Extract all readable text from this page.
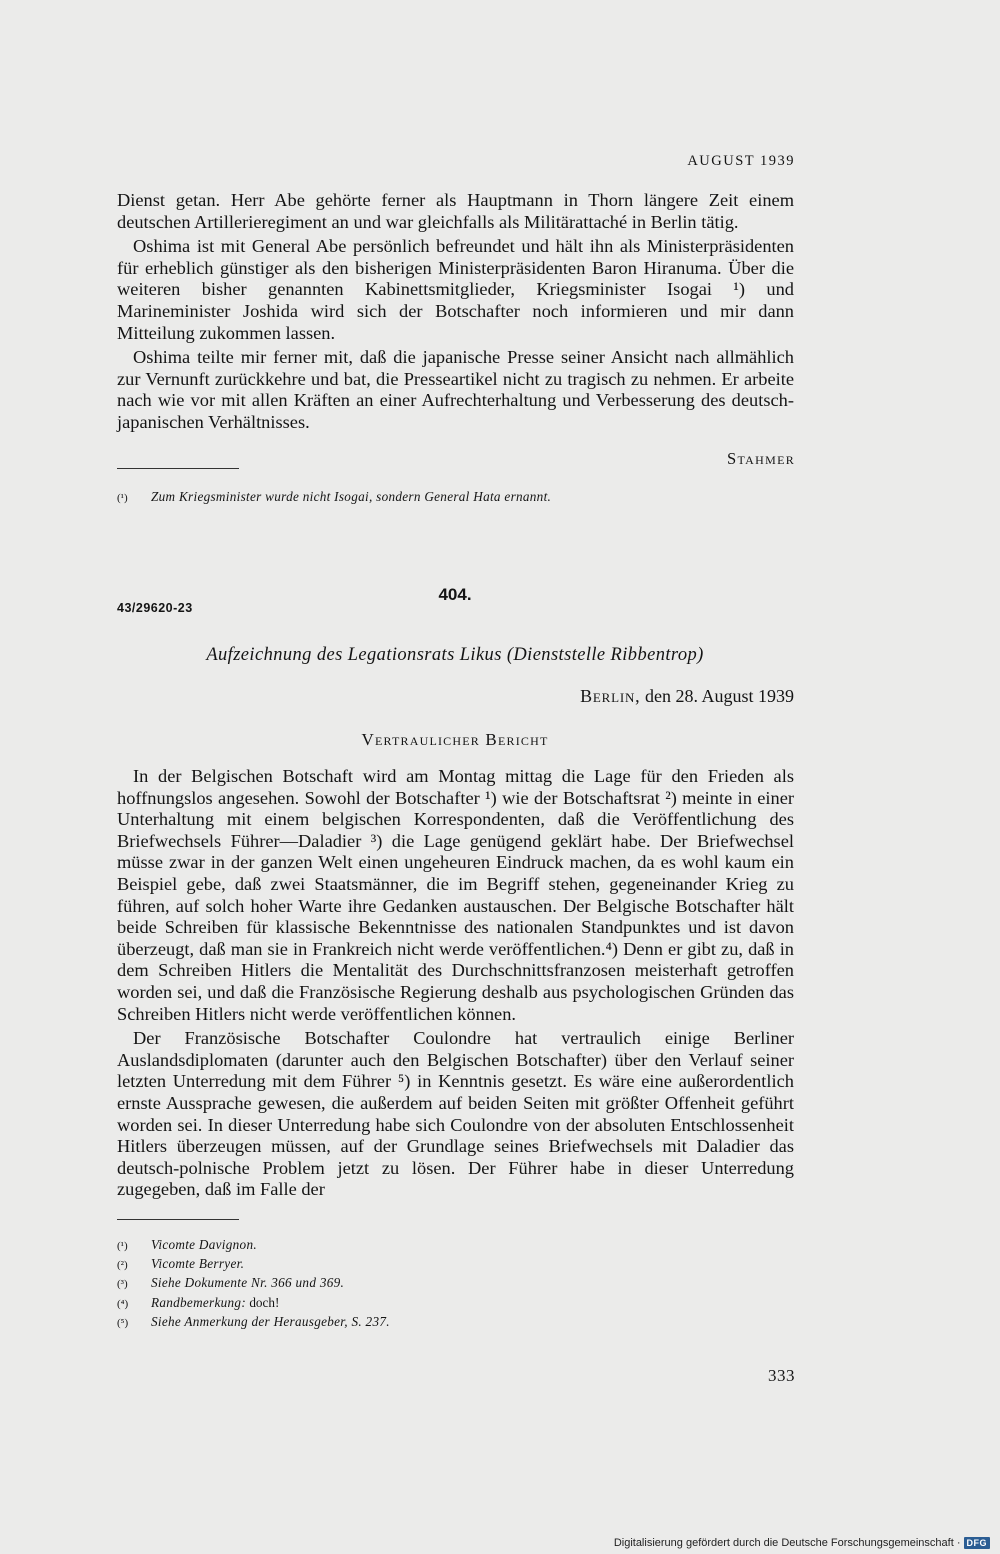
AUGUST 1939

Dienst getan. Herr Abe gehörte ferner als Hauptmann in Thorn längere Zeit einem deutschen Artillerieregiment an und war gleichfalls als Militärattaché in Berlin tätig.

Oshima ist mit General Abe persönlich befreundet und hält ihn als Ministerpräsidenten für erheblich günstiger als den bisherigen Ministerpräsidenten Baron Hiranuma. Über die weiteren bisher genannten Kabinettsmitglieder, Kriegsminister Isogai ¹) und Marineminister Joshida wird sich der Botschafter noch informieren und mir dann Mitteilung zukommen lassen.

Oshima teilte mir ferner mit, daß die japanische Presse seiner Ansicht nach allmählich zur Vernunft zurückkehre und bat, die Presseartikel nicht zu tragisch zu nehmen. Er arbeite nach wie vor mit allen Kräften an einer Aufrechterhaltung und Verbesserung des deutsch-japanischen Verhältnisses.

Stahmer
(¹) Zum Kriegsminister wurde nicht Isogai, sondern General Hata ernannt.
404.
43/29620-23
Aufzeichnung des Legationsrats Likus (Dienststelle Ribbentrop)
Berlin, den 28. August 1939
Vertraulicher Bericht

In der Belgischen Botschaft wird am Montag mittag die Lage für den Frieden als hoffnungslos angesehen. Sowohl der Botschafter ¹) wie der Botschaftsrat ²) meinte in einer Unterhaltung mit einem belgischen Korrespondenten, daß die Veröffentlichung des Briefwechsels Führer—Daladier ³) die Lage genügend geklärt habe. Der Briefwechsel müsse zwar in der ganzen Welt einen ungeheuren Eindruck machen, da es wohl kaum ein Beispiel gebe, daß zwei Staatsmänner, die im Begriff stehen, gegeneinander Krieg zu führen, auf solch hoher Warte ihre Gedanken austauschen. Der Belgische Botschafter hält beide Schreiben für klassische Bekenntnisse des nationalen Standpunktes und ist davon überzeugt, daß man sie in Frankreich nicht werde veröffentlichen.⁴) Denn er gibt zu, daß in dem Schreiben Hitlers die Mentalität des Durchschnittsfranzosen meisterhaft getroffen worden sei, und daß die Französische Regierung deshalb aus psychologischen Gründen das Schreiben Hitlers nicht werde veröffentlichen können.

Der Französische Botschafter Coulondre hat vertraulich einige Berliner Auslandsdiplomaten (darunter auch den Belgischen Botschafter) über den Verlauf seiner letzten Unterredung mit dem Führer ⁵) in Kenntnis gesetzt. Es wäre eine außerordentlich ernste Aussprache gewesen, die außerdem auf beiden Seiten mit größter Offenheit geführt worden sei. In dieser Unterredung habe sich Coulondre von der absoluten Entschlossenheit Hitlers überzeugen müssen, auf der Grundlage seines Briefwechsels mit Daladier das deutsch-polnische Problem jetzt zu lösen. Der Führer habe in dieser Unterredung zugegeben, daß im Falle der

(¹) Vicomte Davignon.
(²) Vicomte Berryer.
(³) Siehe Dokumente Nr. 366 und 369.
(⁴) Randbemerkung: doch!
(⁵) Siehe Anmerkung der Herausgeber, S. 237.
333
Digitalisierung gefördert durch die Deutsche Forschungsgemeinschaft · DFG
